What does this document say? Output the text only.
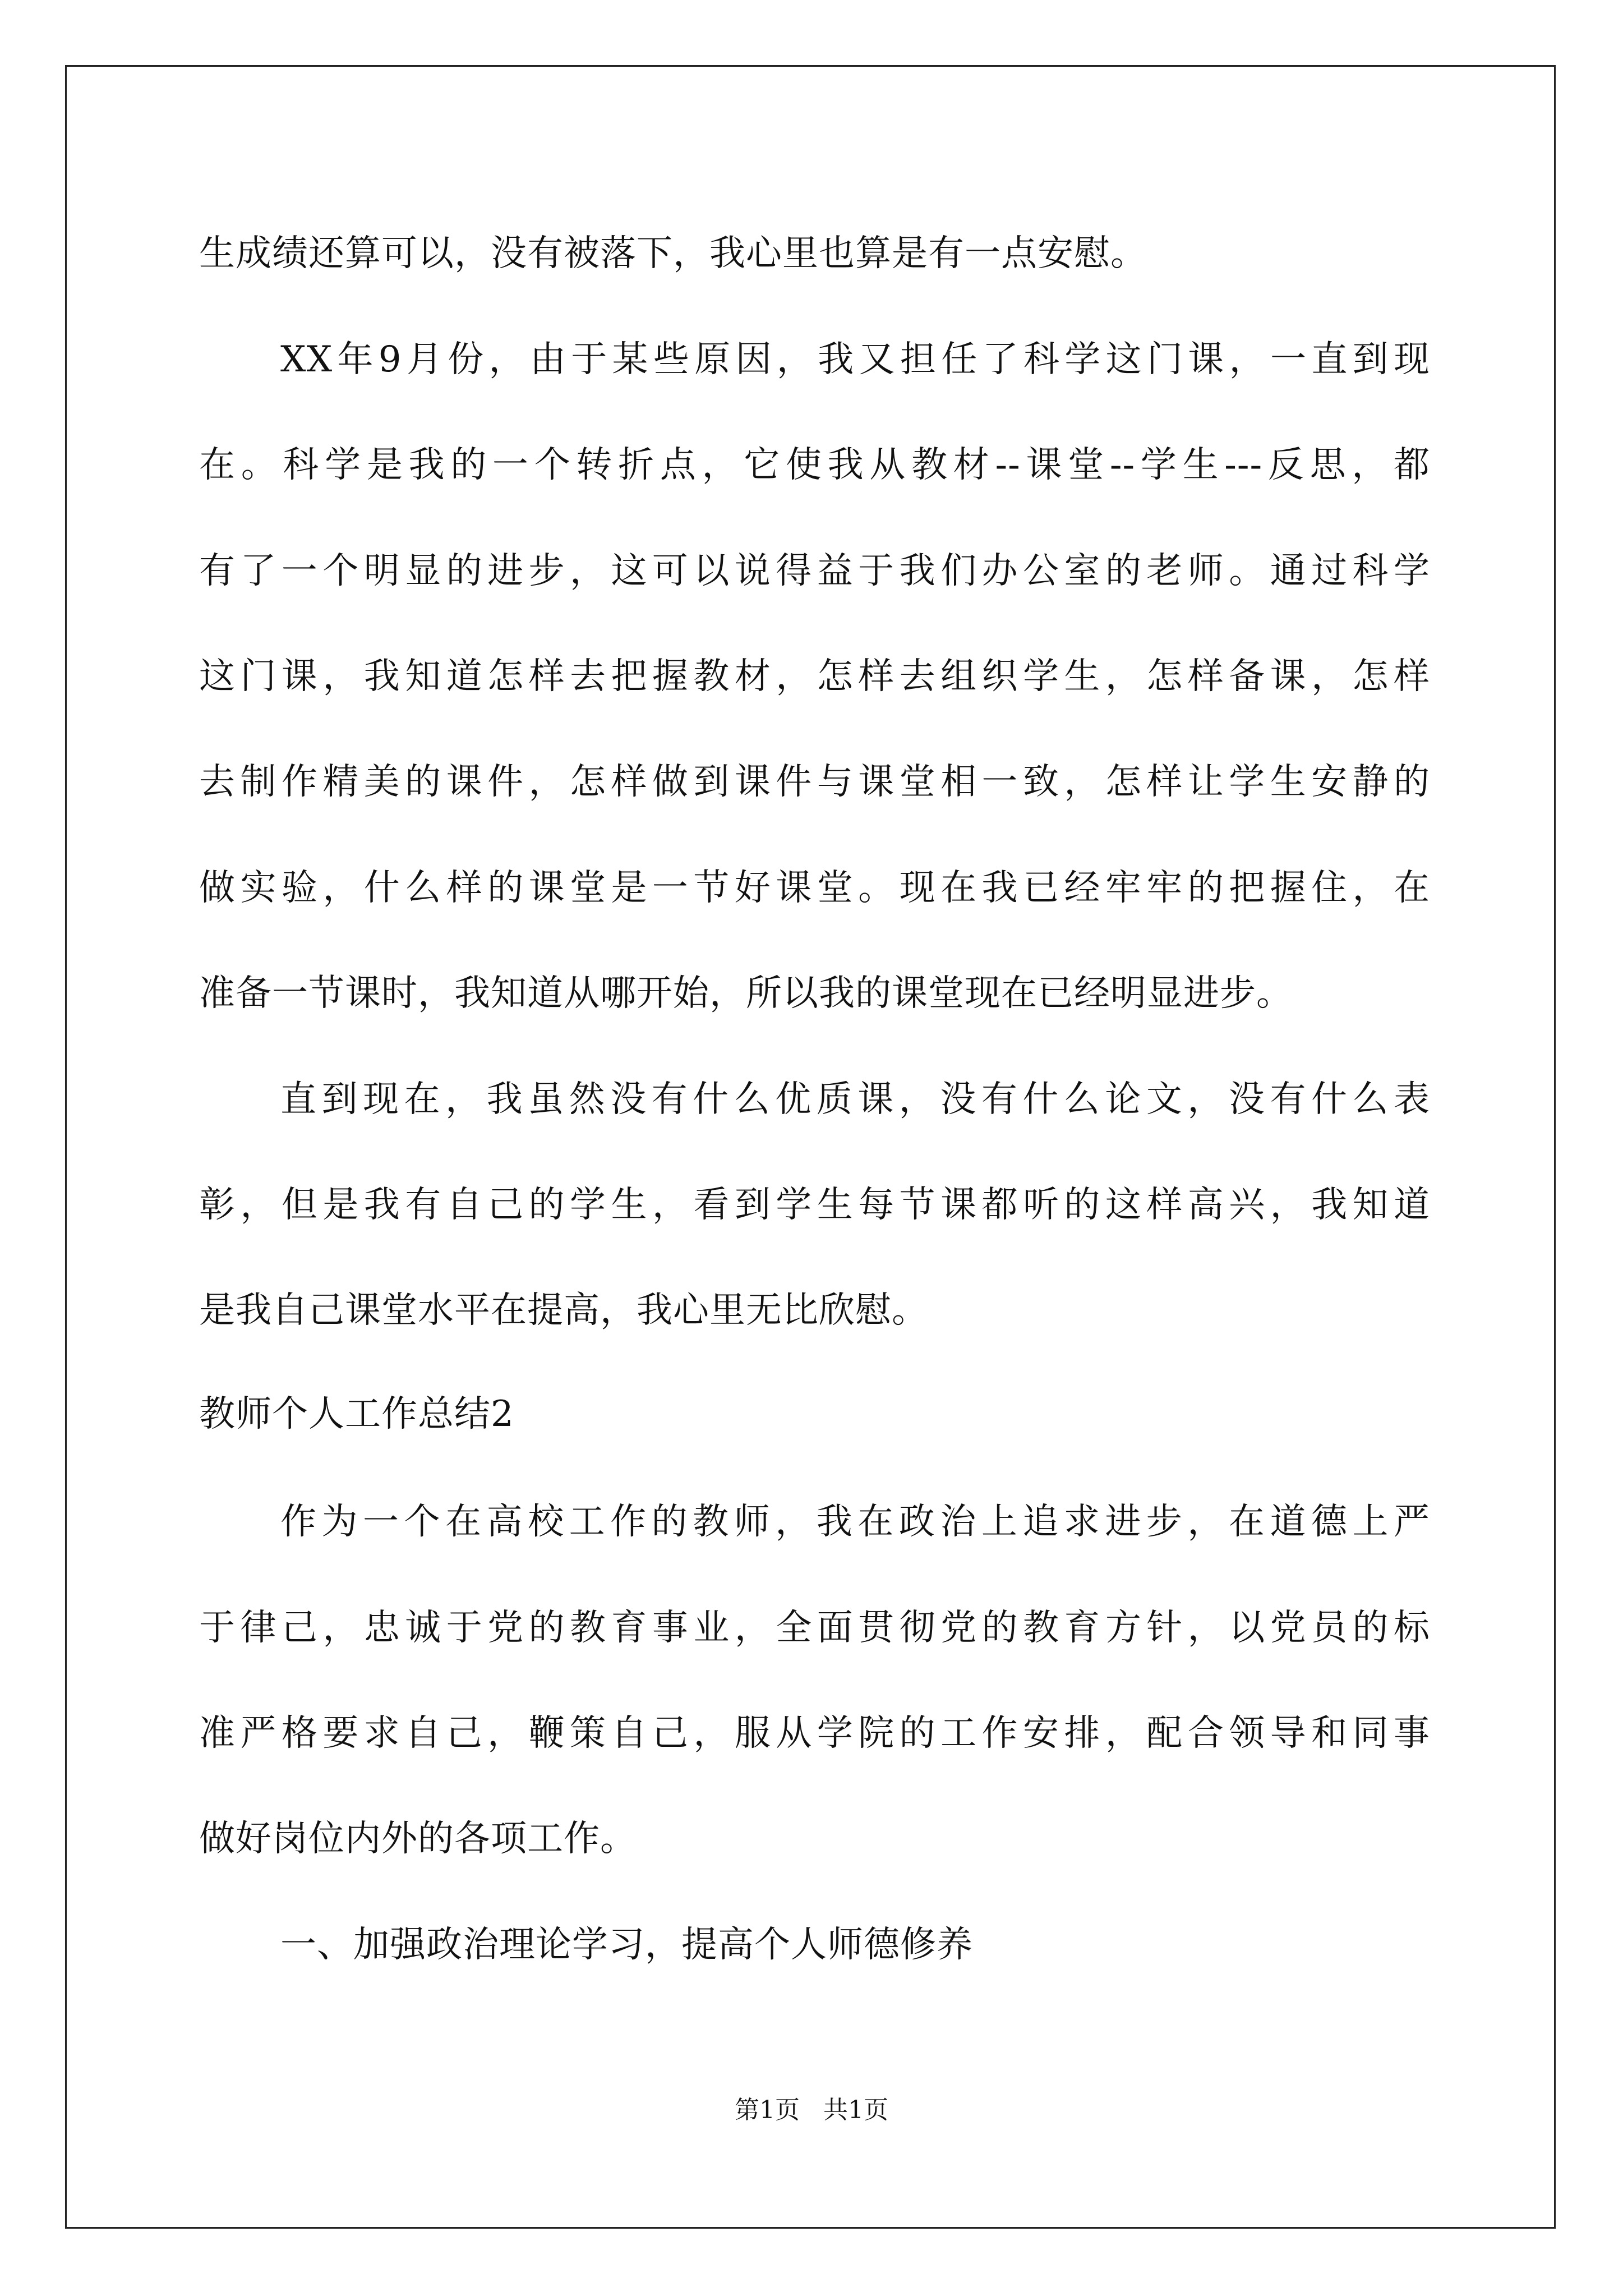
生成绩还算可以，没有被落下，我心里也算是有一点安慰。
XX年9月份，由于某些原因，我又担任了科学这门课，一直到现
在。科学是我的一个转折点，它使我从教材--课堂--学生---反思，都
有了一个明显的进步，这可以说得益于我们办公室的老师。通过科学
这门课，我知道怎样去把握教材，怎样去组织学生，怎样备课，怎样
去制作精美的课件，怎样做到课件与课堂相一致，怎样让学生安静的
做实验，什么样的课堂是一节好课堂。现在我已经牢牢的把握住，在
准备一节课时，我知道从哪开始，所以我的课堂现在已经明显进步。
直到现在，我虽然没有什么优质课，没有什么论文，没有什么表
彰，但是我有自己的学生，看到学生每节课都听的这样高兴，我知道
是我自己课堂水平在提高，我心里无比欣慰。
教师个人工作总结2
作为一个在高校工作的教师，我在政治上追求进步，在道德上严
于律己，忠诚于党的教育事业，全面贯彻党的教育方针，以党员的标
准严格要求自己，鞭策自己，服从学院的工作安排，配合领导和同事
做好岗位内外的各项工作。
一、加强政治理论学习，提高个人师德修养
第1页   共1页
